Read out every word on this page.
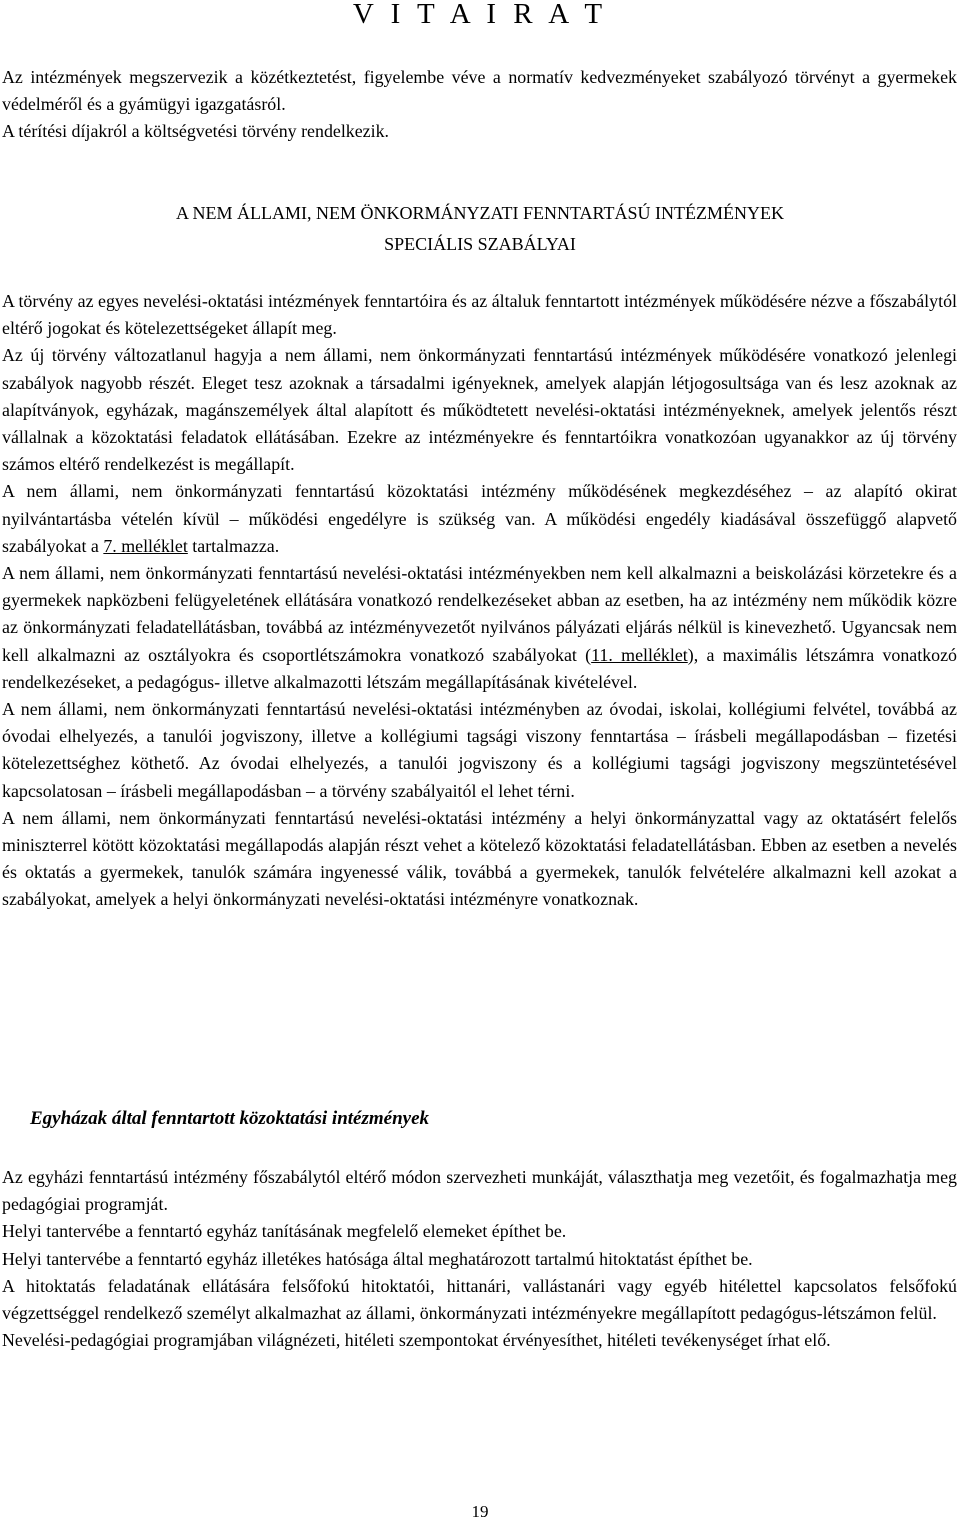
V I T A I R A T

Az intézmények megszervezik a közétkeztetést, figyelembe véve a normatív kedvezményeket szabályozó törvényt a gyermekek védelméről és a gyámügyi igazgatásról.

A térítési díjakról a költségvetési törvény rendelkezik.

A NEM ÁLLAMI, NEM ÖNKORMÁNYZATI FENNTARTÁSÚ INTÉZMÉNYEK
SPECIÁLIS SZABÁLYAI

A törvény az egyes nevelési-oktatási intézmények fenntartóira és az általuk fenntartott intézmények működésére nézve a főszabálytól eltérő jogokat és kötelezettségeket állapít meg.

Az új törvény változatlanul hagyja a nem állami, nem önkormányzati fenntartású intézmények működésére vonatkozó jelenlegi szabályok nagyobb részét. Eleget tesz azoknak a társadalmi igényeknek, amelyek alapján létjogosultsága van és lesz azoknak az alapítványok, egyházak, magánszemélyek által alapított és működtetett nevelési-oktatási intézményeknek, amelyek jelentős részt vállalnak a közoktatási feladatok ellátásában. Ezekre az intézményekre és fenntartóikra vonatkozóan ugyanakkor az új törvény számos eltérő rendelkezést is megállapít.

A nem állami, nem önkormányzati fenntartású közoktatási intézmény működésének megkezdéséhez – az alapító okirat nyilvántartásba vételén kívül – működési engedélyre is szükség van. A működési engedély kiadásával összefüggő alapvető szabályokat a 7. melléklet tartalmazza.

A nem állami, nem önkormányzati fenntartású nevelési-oktatási intézményekben nem kell alkalmazni a beiskolázási körzetekre és a gyermekek napközbeni felügyeletének ellátására vonatkozó rendelkezéseket abban az esetben, ha az intézmény nem működik közre az önkormányzati feladatellátásban, továbbá az intézményvezetőt nyilvános pályázati eljárás nélkül is kinevezhető. Ugyancsak nem kell alkalmazni az osztályokra és csoportlétszámokra vonatkozó szabályokat (11. melléklet), a maximális létszámra vonatkozó rendelkezéseket, a pedagógus- illetve alkalmazotti létszám megállapításának kivételével.

A nem állami, nem önkormányzati fenntartású nevelési-oktatási intézményben az óvodai, iskolai, kollégiumi felvétel, továbbá az óvodai elhelyezés, a tanulói jogviszony, illetve a kollégiumi tagsági viszony fenntartása – írásbeli megállapodásban – fizetési kötelezettséghez köthető. Az óvodai elhelyezés, a tanulói jogviszony és a kollégiumi tagsági jogviszony megszüntetésével kapcsolatosan – írásbeli megállapodásban – a törvény szabályaitól el lehet térni.

A nem állami, nem önkormányzati fenntartású nevelési-oktatási intézmény a helyi önkormányzattal vagy az oktatásért felelős miniszterrel kötött közoktatási megállapodás alapján részt vehet a kötelező közoktatási feladatellátásban. Ebben az esetben a nevelés és oktatás a gyermekek, tanulók számára ingyenessé válik, továbbá a gyermekek, tanulók felvételére alkalmazni kell azokat a szabályokat, amelyek a helyi önkormányzati nevelési-oktatási intézményre vonatkoznak.

Egyházak által fenntartott közoktatási intézmények

Az egyházi fenntartású intézmény főszabálytól eltérő módon szervezheti munkáját, választhatja meg vezetőit, és fogalmazhatja meg pedagógiai programját.

Helyi tantervébe a fenntartó egyház tanításának megfelelő elemeket építhet be.

Helyi tantervébe a fenntartó egyház illetékes hatósága által meghatározott tartalmú hitoktatást építhet be.

A hitoktatás feladatának ellátására felsőfokú hitoktatói, hittanári, vallástanári vagy egyéb hitélettel kapcsolatos felsőfokú végzettséggel rendelkező személyt alkalmazhat az állami, önkormányzati intézményekre megállapított pedagógus-létszámon felül.

Nevelési-pedagógiai programjában világnézeti, hitéleti szempontokat érvényesíthet, hitéleti tevékenységet írhat elő.

19
